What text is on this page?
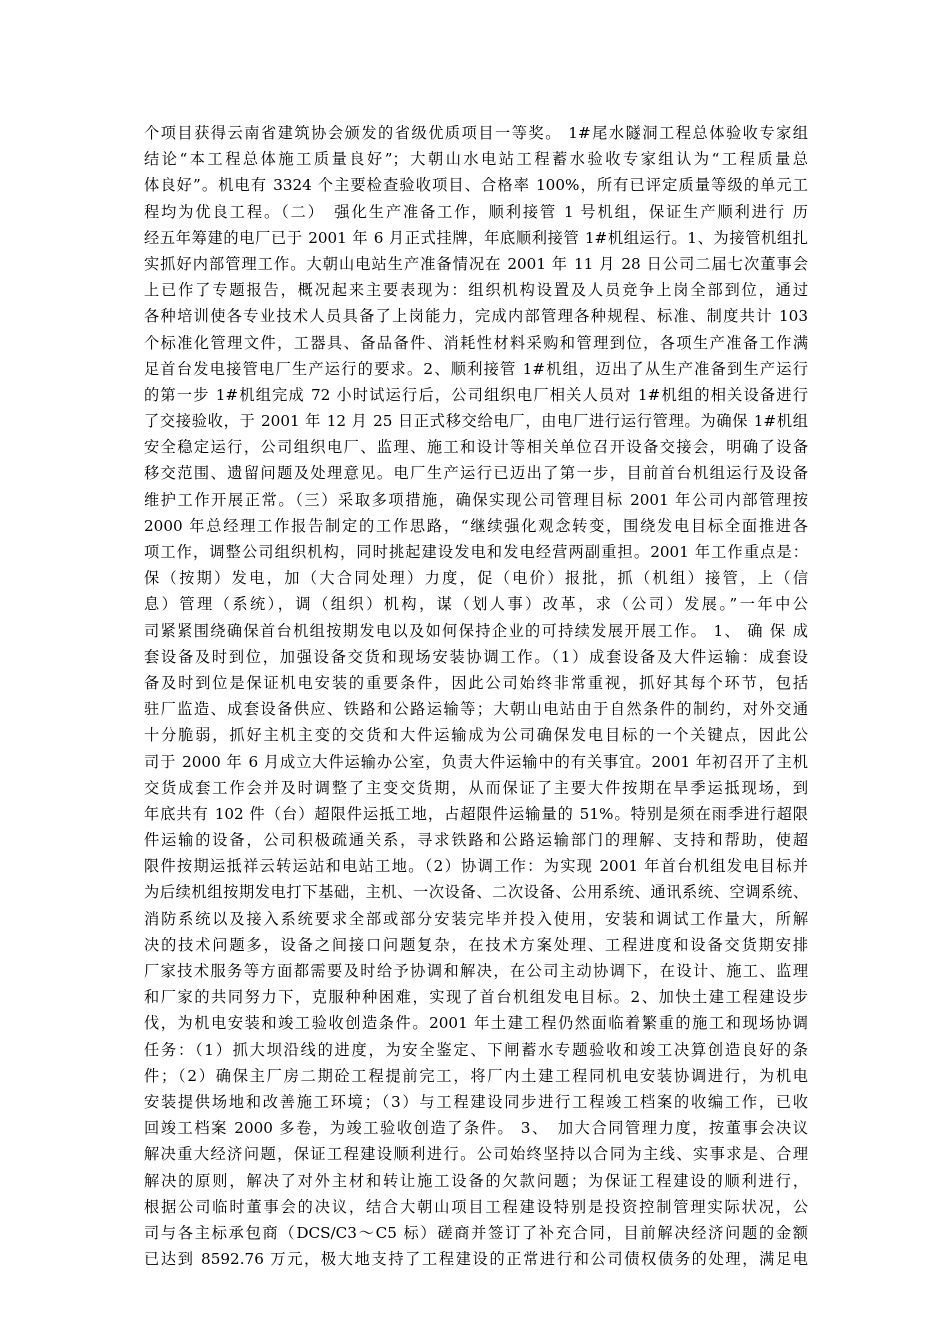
个项目获得云南省建筑协会颁发的省级优质项目一等奖。 1#尾水隧洞工程总体验收专家组
结论“本工程总体施工质量良好”；大朝山水电站工程蓄水验收专家组认为“工程质量总
体良好”。机电有 3324 个主要检查验收项目、合格率 100%，所有已评定质量等级的单元工
程均为优良工程。（二）　强化生产准备工作，顺利接管 1 号机组，保证生产顺利进行 历
经五年筹建的电厂已于 2001 年 6 月正式挂牌，年底顺利接管 1#机组运行。1、为接管机组扎
实抓好内部管理工作。大朝山电站生产准备情况在 2001 年 11 月 28 日公司二届七次董事会
上已作了专题报告，概况起来主要表现为：组织机构设置及人员竞争上岗全部到位，通过
各种培训使各专业技术人员具备了上岗能力，完成内部管理各种规程、标准、制度共计 103
个标准化管理文件，工器具、备品备件、消耗性材料采购和管理到位，各项生产准备工作满
足首台发电接管电厂生产运行的要求。2、顺利接管 1#机组，迈出了从生产准备到生产运行
的第一步 1#机组完成 72 小时试运行后，公司组织电厂相关人员对 1#机组的相关设备进行
了交接验收，于 2001 年 12 月 25 日正式移交给电厂，由电厂进行运行管理。为确保 1#机组
安全稳定运行，公司组织电厂、监理、施工和设计等相关单位召开设备交接会，明确了设备
移交范围、遗留问题及处理意见。电厂生产运行已迈出了第一步，目前首台机组运行及设备
维护工作开展正常。（三）采取多项措施，确保实现公司管理目标 2001 年公司内部管理按
2000 年总经理工作报告制定的工作思路，“继续强化观念转变，围绕发电目标全面推进各
项工作，调整公司组织机构，同时挑起建设发电和发电经营两副重担。2001 年工作重点是：
保（按期）发电，加（大合同处理）力度，促（电价）报批，抓（机组）接管，上（信
息）管理（系统），调（组织）机构，谋（划人事）改革，求（公司）发展。”一年中公
司紧紧围绕确保首台机组按期发电以及如何保持企业的可持续发展开展工作。 1、 确 保 成
套设备及时到位，加强设备交货和现场安装协调工作。（1）成套设备及大件运输：成套设
备及时到位是保证机电安装的重要条件，因此公司始终非常重视，抓好其每个环节，包括
驻厂监造、成套设备供应、铁路和公路运输等；大朝山电站由于自然条件的制约，对外交通
十分脆弱，抓好主机主变的交货和大件运输成为公司确保发电目标的一个关键点，因此公
司于 2000 年 6 月成立大件运输办公室，负责大件运输中的有关事宜。2001 年初召开了主机
交货成套工作会并及时调整了主变交货期，从而保证了主要大件按期在旱季运抵现场，到
年底共有 102 件（台）超限件运抵工地，占超限件运输量的 51%。特别是须在雨季进行超限
件运输的设备，公司积极疏通关系，寻求铁路和公路运输部门的理解、支持和帮助，使超
限件按期运抵祥云转运站和电站工地。（2）协调工作：为实现 2001 年首台机组发电目标并
为后续机组按期发电打下基础，主机、一次设备、二次设备、公用系统、通讯系统、空调系统、
消防系统以及接入系统要求全部或部分安装完毕并投入使用，安装和调试工作量大，所解
决的技术问题多，设备之间接口问题复杂，在技术方案处理、工程进度和设备交货期安排
厂家技术服务等方面都需要及时给予协调和解决，在公司主动协调下，在设计、施工、监理
和厂家的共同努力下，克服种种困难，实现了首台机组发电目标。2、加快土建工程建设步
伐，为机电安装和竣工验收创造条件。2001 年土建工程仍然面临着繁重的施工和现场协调
任务：（1）抓大坝沿线的进度，为安全鉴定、下闸蓄水专题验收和竣工决算创造良好的条
件；（2）确保主厂房二期砼工程提前完工，将厂内土建工程同机电安装协调进行，为机电
安装提供场地和改善施工环境；（3）与工程建设同步进行工程竣工档案的收编工作，已收
回竣工档案 2000 多卷，为竣工验收创造了条件。 3、　加大合同管理力度，按董事会决议
解决重大经济问题，保证工程建设顺利进行。公司始终坚持以合同为主线、实事求是、合理
解决的原则，解决了对外主材和转让施工设备的欠款问题；为保证工程建设的顺利进行，
根据公司临时董事会的决议，结合大朝山项目工程建设特别是投资控制管理实际状况，公
司与各主标承包商（DCS/C3～C5 标）磋商并签订了补充合同，目前解决经济问题的金额
已达到 8592.76 万元，极大地支持了工程建设的正常进行和公司债权债务的处理，满足电
